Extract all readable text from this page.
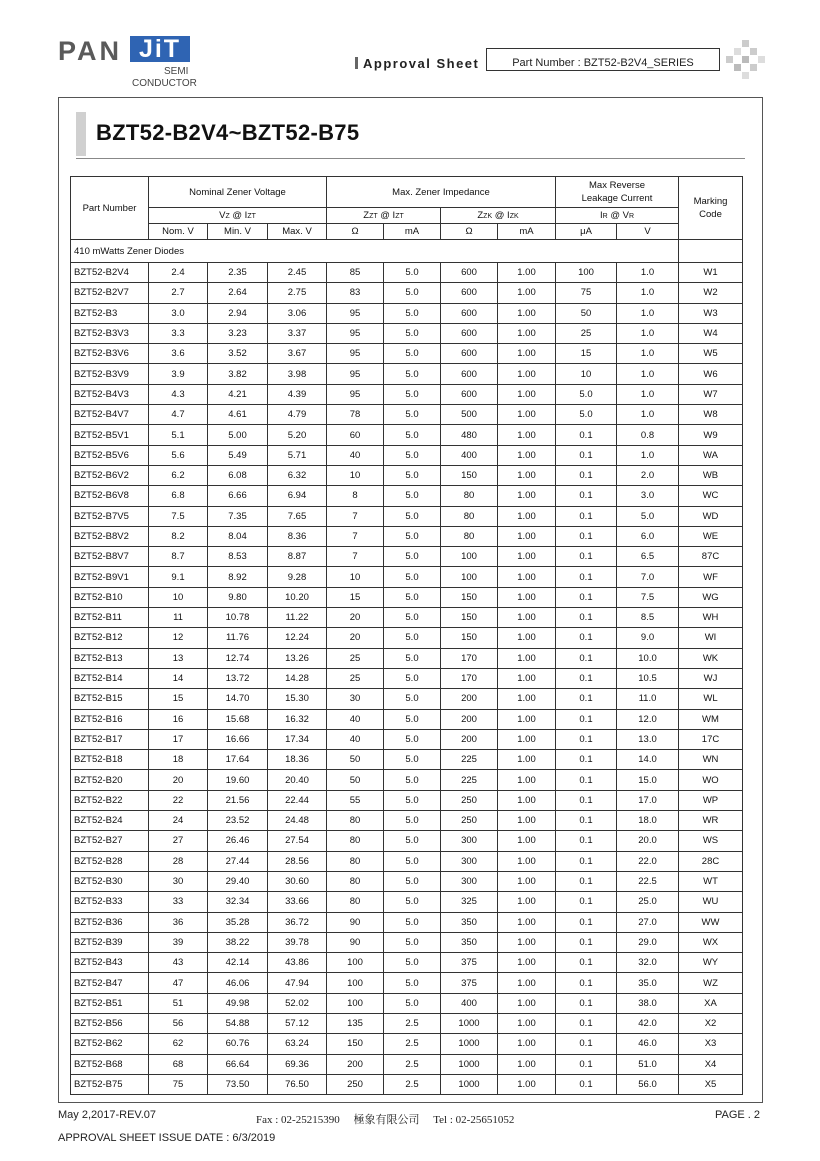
PAN JiT
SEMI
CONDUCTOR
Approval Sheet	Part Number : BZT52-B2V4_SERIES
BZT52-B2V4~BZT52-B75
Part Number	Nominal Zener Voltage			Max. Zener Impedance				Max Reverse
Leakage Current		Marking
Code
	VZ @ IZT			ZZT @ IZT		ZZK @ IZK		IR @ VR		
	Nom. V	Min. V	Max. V	Ω	mA	Ω	mA	μA	V	
410 mWatts Zener Diodes										
BZT52-B2V4	2.4	2.35	2.45	85	5.0	600	1.00	100	1.0	W1
BZT52-B2V7	2.7	2.64	2.75	83	5.0	600	1.00	75	1.0	W2
BZT52-B3	3.0	2.94	3.06	95	5.0	600	1.00	50	1.0	W3
BZT52-B3V3	3.3	3.23	3.37	95	5.0	600	1.00	25	1.0	W4
BZT52-B3V6	3.6	3.52	3.67	95	5.0	600	1.00	15	1.0	W5
BZT52-B3V9	3.9	3.82	3.98	95	5.0	600	1.00	10	1.0	W6
BZT52-B4V3	4.3	4.21	4.39	95	5.0	600	1.00	5.0	1.0	W7
BZT52-B4V7	4.7	4.61	4.79	78	5.0	500	1.00	5.0	1.0	W8
BZT52-B5V1	5.1	5.00	5.20	60	5.0	480	1.00	0.1	0.8	W9
BZT52-B5V6	5.6	5.49	5.71	40	5.0	400	1.00	0.1	1.0	WA
BZT52-B6V2	6.2	6.08	6.32	10	5.0	150	1.00	0.1	2.0	WB
BZT52-B6V8	6.8	6.66	6.94	8	5.0	80	1.00	0.1	3.0	WC
BZT52-B7V5	7.5	7.35	7.65	7	5.0	80	1.00	0.1	5.0	WD
BZT52-B8V2	8.2	8.04	8.36	7	5.0	80	1.00	0.1	6.0	WE
BZT52-B8V7	8.7	8.53	8.87	7	5.0	100	1.00	0.1	6.5	87C
BZT52-B9V1	9.1	8.92	9.28	10	5.0	100	1.00	0.1	7.0	WF
BZT52-B10	10	9.80	10.20	15	5.0	150	1.00	0.1	7.5	WG
BZT52-B11	11	10.78	11.22	20	5.0	150	1.00	0.1	8.5	WH
BZT52-B12	12	11.76	12.24	20	5.0	150	1.00	0.1	9.0	WI
BZT52-B13	13	12.74	13.26	25	5.0	170	1.00	0.1	10.0	WK
BZT52-B14	14	13.72	14.28	25	5.0	170	1.00	0.1	10.5	WJ
BZT52-B15	15	14.70	15.30	30	5.0	200	1.00	0.1	11.0	WL
BZT52-B16	16	15.68	16.32	40	5.0	200	1.00	0.1	12.0	WM
BZT52-B17	17	16.66	17.34	40	5.0	200	1.00	0.1	13.0	17C
BZT52-B18	18	17.64	18.36	50	5.0	225	1.00	0.1	14.0	WN
BZT52-B20	20	19.60	20.40	50	5.0	225	1.00	0.1	15.0	WO
BZT52-B22	22	21.56	22.44	55	5.0	250	1.00	0.1	17.0	WP
BZT52-B24	24	23.52	24.48	80	5.0	250	1.00	0.1	18.0	WR
BZT52-B27	27	26.46	27.54	80	5.0	300	1.00	0.1	20.0	WS
BZT52-B28	28	27.44	28.56	80	5.0	300	1.00	0.1	22.0	28C
BZT52-B30	30	29.40	30.60	80	5.0	300	1.00	0.1	22.5	WT
BZT52-B33	33	32.34	33.66	80	5.0	325	1.00	0.1	25.0	WU
BZT52-B36	36	35.28	36.72	90	5.0	350	1.00	0.1	27.0	WW
BZT52-B39	39	38.22	39.78	90	5.0	350	1.00	0.1	29.0	WX
BZT52-B43	43	42.14	43.86	100	5.0	375	1.00	0.1	32.0	WY
BZT52-B47	47	46.06	47.94	100	5.0	375	1.00	0.1	35.0	WZ
BZT52-B51	51	49.98	52.02	100	5.0	400	1.00	0.1	38.0	XA
BZT52-B56	56	54.88	57.12	135	2.5	1000	1.00	0.1	42.0	X2
BZT52-B62	62	60.76	63.24	150	2.5	1000	1.00	0.1	46.0	X3
BZT52-B68	68	66.64	69.36	200	2.5	1000	1.00	0.1	51.0	X4
BZT52-B75	75	73.50	76.50	250	2.5	1000	1.00	0.1	56.0	X5
May 2,2017-REV.07	Fax : 02-25215390     極象有限公司     Tel : 02-25651052	PAGE . 2
APPROVAL SHEET ISSUE DATE : 6/3/2019
